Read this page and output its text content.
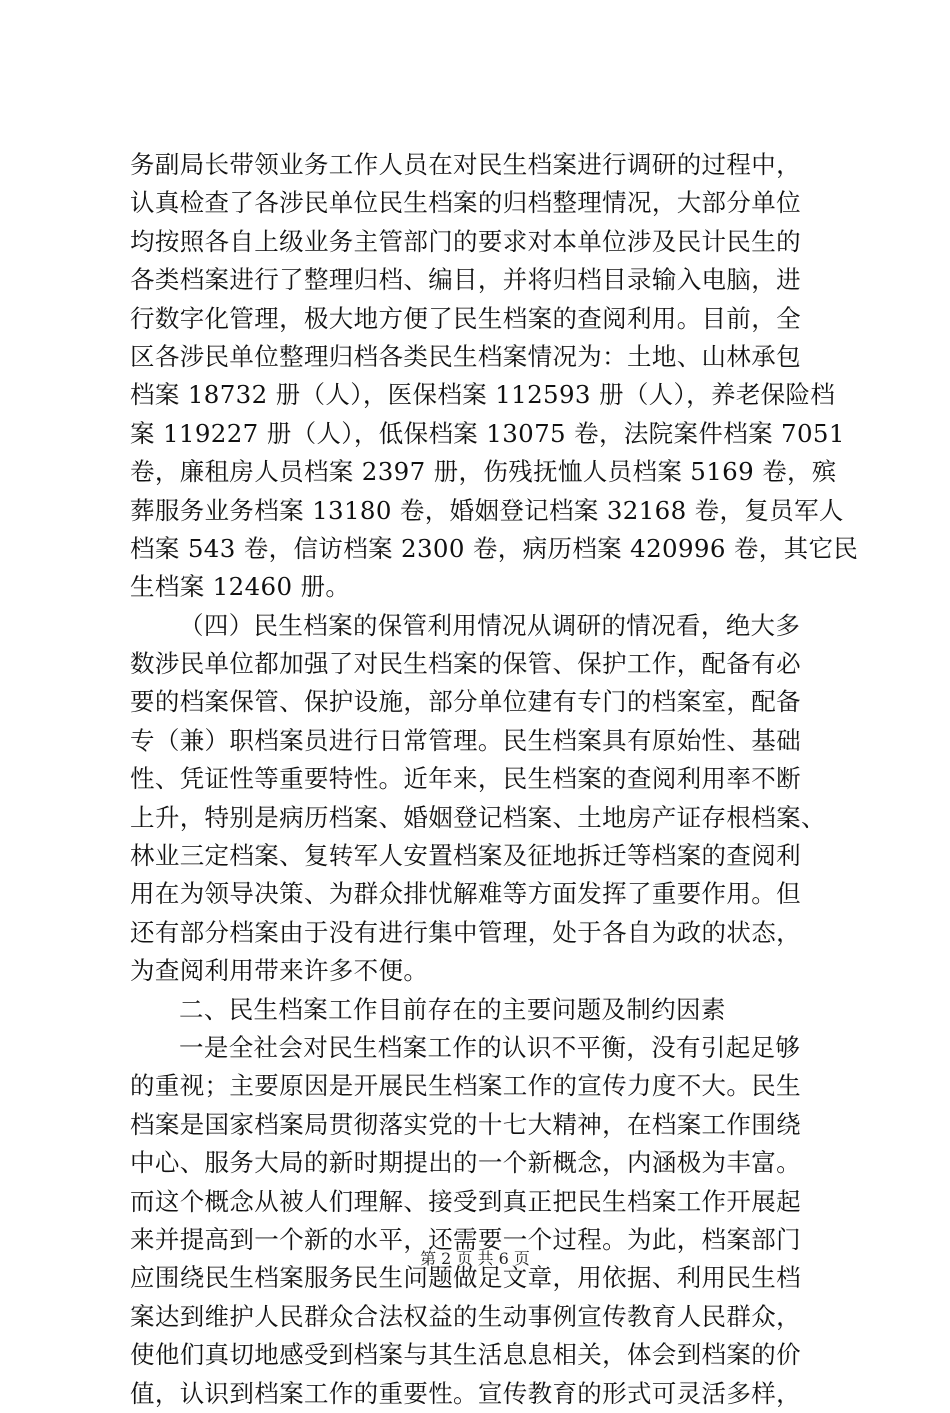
务副局长带领业务工作人员在对民生档案进行调研的过程中，
认真检查了各涉民单位民生档案的归档整理情况，大部分单位
均按照各自上级业务主管部门的要求对本单位涉及民计民生的
各类档案进行了整理归档、编目，并将归档目录输入电脑，进
行数字化管理，极大地方便了民生档案的查阅利用。目前，全
区各涉民单位整理归档各类民生档案情况为：土地、山林承包
档案 18732 册（人），医保档案 112593 册（人），养老保险档
案 119227 册（人），低保档案 13075 卷，法院案件档案 7051
卷，廉租房人员档案 2397 册，伤残抚恤人员档案 5169 卷，殡
葬服务业务档案 13180 卷，婚姻登记档案 32168 卷，复员军人
档案 543 卷，信访档案 2300 卷，病历档案 420996 卷，其它民
生档案 12460 册。
（四）民生档案的保管利用情况从调研的情况看，绝大多
数涉民单位都加强了对民生档案的保管、保护工作，配备有必
要的档案保管、保护设施，部分单位建有专门的档案室，配备
专（兼）职档案员进行日常管理。民生档案具有原始性、基础
性、凭证性等重要特性。近年来，民生档案的查阅利用率不断
上升，特别是病历档案、婚姻登记档案、土地房产证存根档案、
林业三定档案、复转军人安置档案及征地拆迁等档案的查阅利
用在为领导决策、为群众排忧解难等方面发挥了重要作用。但
还有部分档案由于没有进行集中管理，处于各自为政的状态，
为查阅利用带来许多不便。
二、民生档案工作目前存在的主要问题及制约因素
一是全社会对民生档案工作的认识不平衡，没有引起足够
的重视；主要原因是开展民生档案工作的宣传力度不大。民生
档案是国家档案局贯彻落实党的十七大精神，在档案工作围绕
中心、服务大局的新时期提出的一个新概念，内涵极为丰富。
而这个概念从被人们理解、接受到真正把民生档案工作开展起
来并提高到一个新的水平，还需要一个过程。为此，档案部门
应围绕民生档案服务民生问题做足文章，用依据、利用民生档
案达到维护人民群众合法权益的生动事例宣传教育人民群众，
使他们真切地感受到档案与其生活息息相关，体会到档案的价
值，认识到档案工作的重要性。宣传教育的形式可灵活多样，
第 2 页 共 6 页
